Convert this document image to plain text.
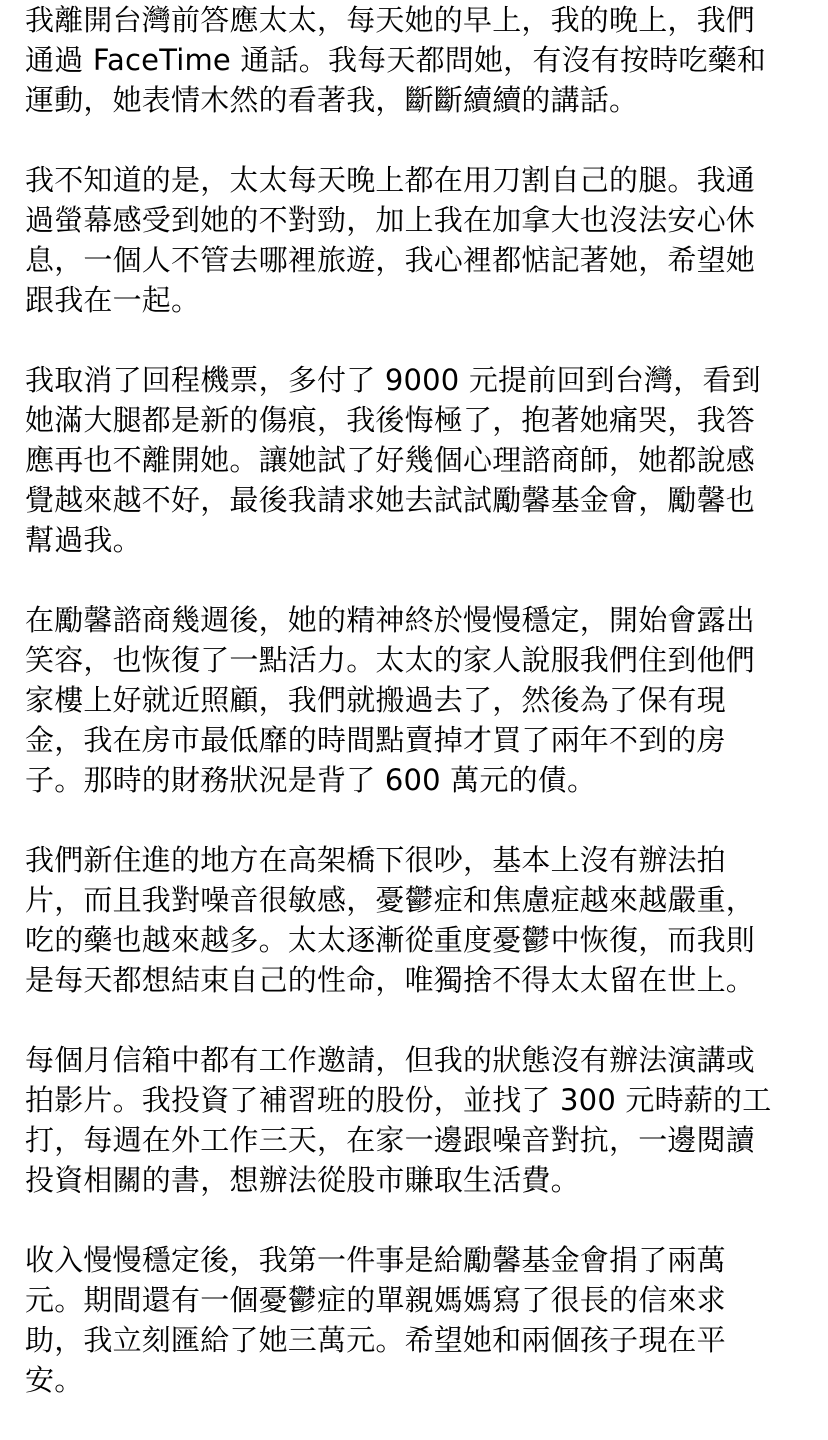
我離開台灣前答應太太，每天她的早上，我的晚上，我們
通過 FaceTime 通話。我每天都問她，有沒有按時吃藥和
運動，她表情木然的看著我，斷斷續續的講話。
我不知道的是，太太每天晚上都在用刀割自己的腿。我通
過螢幕感受到她的不對勁，加上我在加拿大也沒法安心休
息，一個人不管去哪裡旅遊，我心裡都惦記著她，希望她
跟我在一起。
我取消了回程機票，多付了 9000 元提前回到台灣，看到
她滿大腿都是新的傷痕，我後悔極了，抱著她痛哭，我答
應再也不離開她。讓她試了好幾個心理諮商師，她都說感
覺越來越不好，最後我請求她去試試勵馨基金會，勵馨也
幫過我。
在勵馨諮商幾週後，她的精神終於慢慢穩定，開始會露出
笑容，也恢復了一點活力。太太的家人說服我們住到他們
家樓上好就近照顧，我們就搬過去了，然後為了保有現
金，我在房市最低靡的時間點賣掉才買了兩年不到的房
子。那時的財務狀況是背了 600 萬元的債。
我們新住進的地方在高架橋下很吵，基本上沒有辦法拍
片，而且我對噪音很敏感，憂鬱症和焦慮症越來越嚴重，
吃的藥也越來越多。太太逐漸從重度憂鬱中恢復，而我則
是每天都想結束自己的性命，唯獨捨不得太太留在世上。
每個月信箱中都有工作邀請，但我的狀態沒有辦法演講或
拍影片。我投資了補習班的股份，並找了 300 元時薪的工
打，每週在外工作三天，在家一邊跟噪音對抗，一邊閱讀
投資相關的書，想辦法從股市賺取生活費。
收入慢慢穩定後，我第一件事是給勵馨基金會捐了兩萬
元。期間還有一個憂鬱症的單親媽媽寫了很長的信來求
助，我立刻匯給了她三萬元。希望她和兩個孩子現在平
安。
